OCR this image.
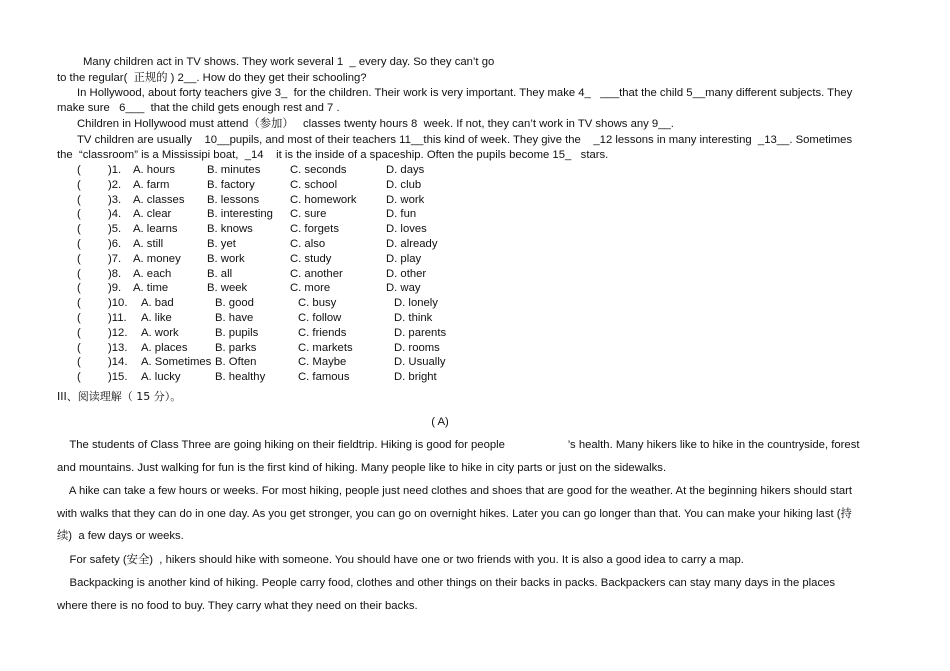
Many children act in TV shows. They work several 1  _ every day. So they can’t go
to the regular(  正规的 ) 2__. How do they get their schooling?
In Hollywood, about forty teachers give 3_  for the children. Their work is very important. They make 4_   ___that the child 5__many different subjects. They
make sure   6___  that the child gets enough rest and 7 .
Children in Hollywood must attend（参加）   classes twenty hours 8  week. If not, they can’t work in TV shows any 9__.
TV children are usually    10__pupils, and most of their teachers 11__this kind of week. They give the    _12 lessons in many interesting  _13__. Sometimes
the  “classroom” is a Mississipi boat,  _14    it is the inside of a spaceship. Often the pupils become 15_   stars.
( )1. A. hours	B. minutes	C. seconds	D. days
( )2. A. farm	B. factory	C. school	D. club
( )3. A. classes B. lessons	C. homework	D. work
( )4. A. clear	B. interesting C. sure	D. fun
( )5. A. learns	B. knows	C. forgets	D. loves
( )6. A. still	B. yet	C. also	D. already
( )7. A. money B. work	C. study	D. play
( )8. A. each	B. all	C. another	D. other
( )9. A. time	B. week	C. more	D. way
( )10. A. bad	B. good	C. busy	D. lonely
( )11. A. like	B. have	C. follow	D. think
( )12. A. work	B. pupils	C. friends	D. parents
( )13. A. places B. parks	C. markets	D. rooms
( )14. A. Sometimes B. Often	C. Maybe	D. Usually
( )15. A. lucky	B. healthy	C. famous	D. bright
III、阅读理解（ 15 分）。
( A)
The students of Class Three are going hiking on their fieldtrip. Hiking is good for people                    ’s health. Many hikers like to hike in the countryside, forest
and mountains. Just walking for fun is the first kind of hiking. Many people like to hike in city parts or just on the sidewalks.
A hike can take a few hours or weeks. For most hiking, people just need clothes and shoes that are good for the weather. At the beginning hikers should start
with walks that they can do in one day. As you get stronger, you can go on overnight hikes. Later you can go longer than that. You can make your hiking last (持
续)  a few days or weeks.
For safety (安全)  , hikers should hike with someone. You should have one or two friends with you. It is also a good idea to carry a map.
Backpacking is another kind of hiking. People carry food, clothes and other things on their backs in packs. Backpackers can stay many days in the places
where there is no food to buy. They carry what they need on their backs.
